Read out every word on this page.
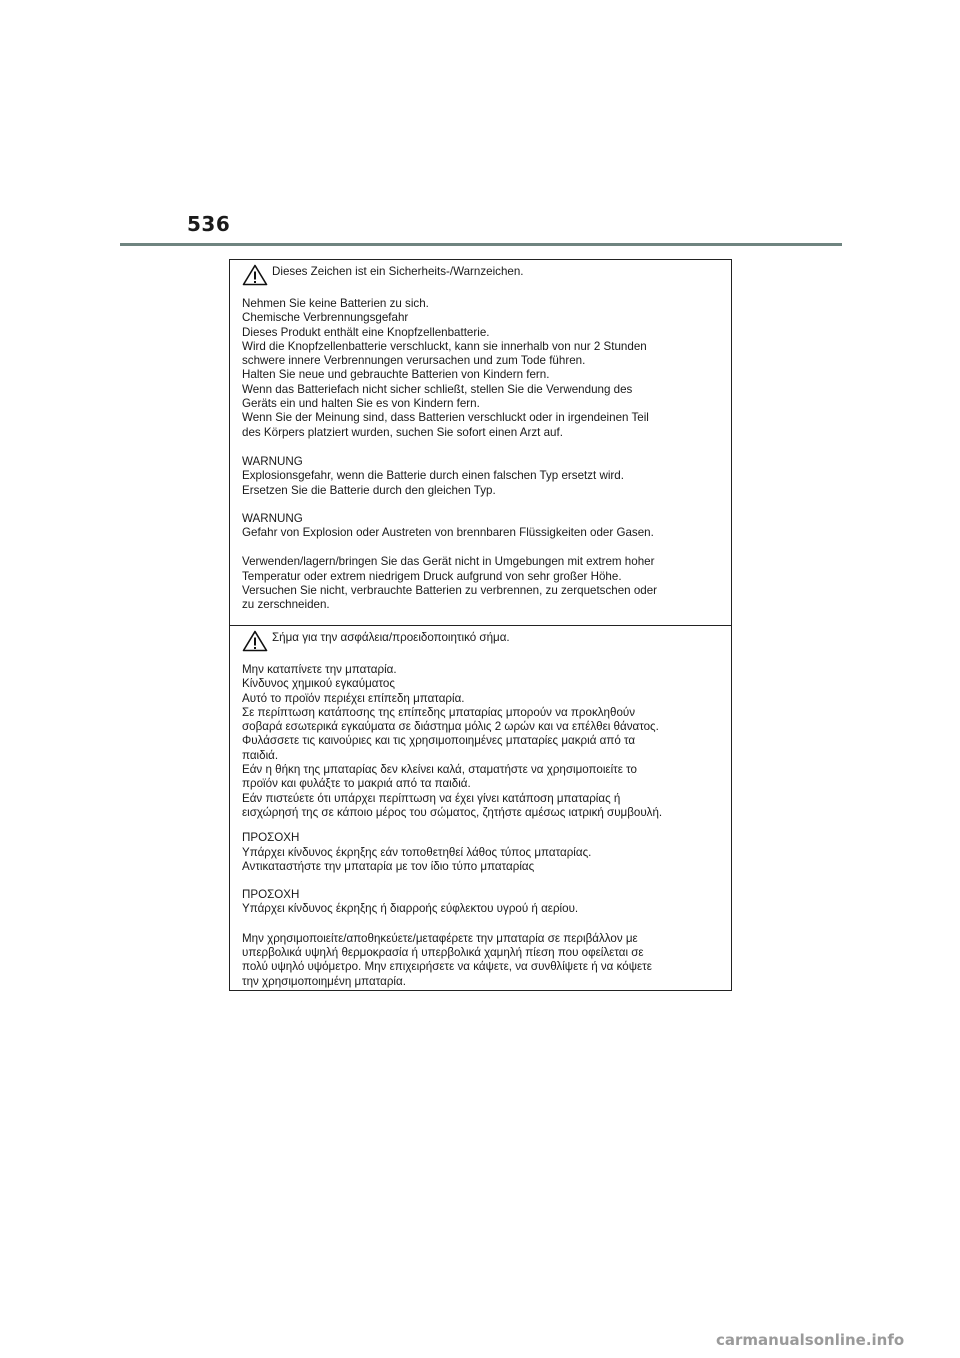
536
Dieses Zeichen ist ein Sicherheits-/Warnzeichen.

Nehmen Sie keine Batterien zu sich.
Chemische Verbrennungsgefahr
Dieses Produkt enthält eine Knopfzellenbatterie.
Wird die Knopfzellenbatterie verschluckt, kann sie innerhalb von nur 2 Stunden
schwere innere Verbrennungen verursachen und zum Tode führen.
Halten Sie neue und gebrauchte Batterien von Kindern fern.
Wenn das Batteriefach nicht sicher schließt, stellen Sie die Verwendung des
Geräts ein und halten Sie es von Kindern fern.
Wenn Sie der Meinung sind, dass Batterien verschluckt oder in irgendeinen Teil
des Körpers platziert wurden, suchen Sie sofort einen Arzt auf.

WARNUNG
Explosionsgefahr, wenn die Batterie durch einen falschen Typ ersetzt wird.
Ersetzen Sie die Batterie durch den gleichen Typ.

WARNUNG
Gefahr von Explosion oder Austreten von brennbaren Flüssigkeiten oder Gasen.

Verwenden/lagern/bringen Sie das Gerät nicht in Umgebungen mit extrem hoher
Temperatur oder extrem niedrigem Druck aufgrund von sehr großer Höhe.
Versuchen Sie nicht, verbrauchte Batterien zu verbrennen, zu zerquetschen oder
zu zerschneiden.

Σήμα για την ασφάλεια/προειδοποιητικό σήμα.

Μην καταπίνετε την μπαταρία.
Κίνδυνος χημικού εγκαύματος
Αυτό το προϊόν περιέχει επίπεδη μπαταρία.
Σε περίπτωση κατάποσης της επίπεδης μπαταρίας μπορούν να προκληθούν
σοβαρά εσωτερικά εγκαύματα σε διάστημα μόλις 2 ωρών και να επέλθει θάνατος.
Φυλάσσετε τις καινούριες και τις χρησιμοποιημένες μπαταρίες μακριά από τα
παιδιά.
Εάν η θήκη της μπαταρίας δεν κλείνει καλά, σταματήστε να χρησιμοποιείτε το
προϊόν και φυλάξτε το μακριά από τα παιδιά.
Εάν πιστεύετε ότι υπάρχει περίπτωση να έχει γίνει κατάποση μπαταρίας ή
εισχώρησή της σε κάποιο μέρος του σώματος, ζητήστε αμέσως ιατρική συμβουλή.

ΠΡΟΣΟΧΗ
Υπάρχει κίνδυνος έκρηξης εάν τοποθετηθεί λάθος τύπος μπαταρίας.
Αντικαταστήστε την μπαταρία με τον ίδιο τύπο μπαταρίας

ΠΡΟΣΟΧΗ
Υπάρχει κίνδυνος έκρηξης ή διαρροής εύφλεκτου υγρού ή αερίου.

Μην χρησιμοποιείτε/αποθηκεύετε/μεταφέρετε την μπαταρία σε περιβάλλον με
υπερβολικά υψηλή θερμοκρασία ή υπερβολικά χαμηλή πίεση που οφείλεται σε
πολύ υψηλό υψόμετρο. Μην επιχειρήσετε να κάψετε, να συνθλίψετε ή να κόψετε
την χρησιμοποιημένη μπαταρία.

carmanualsonline.info
